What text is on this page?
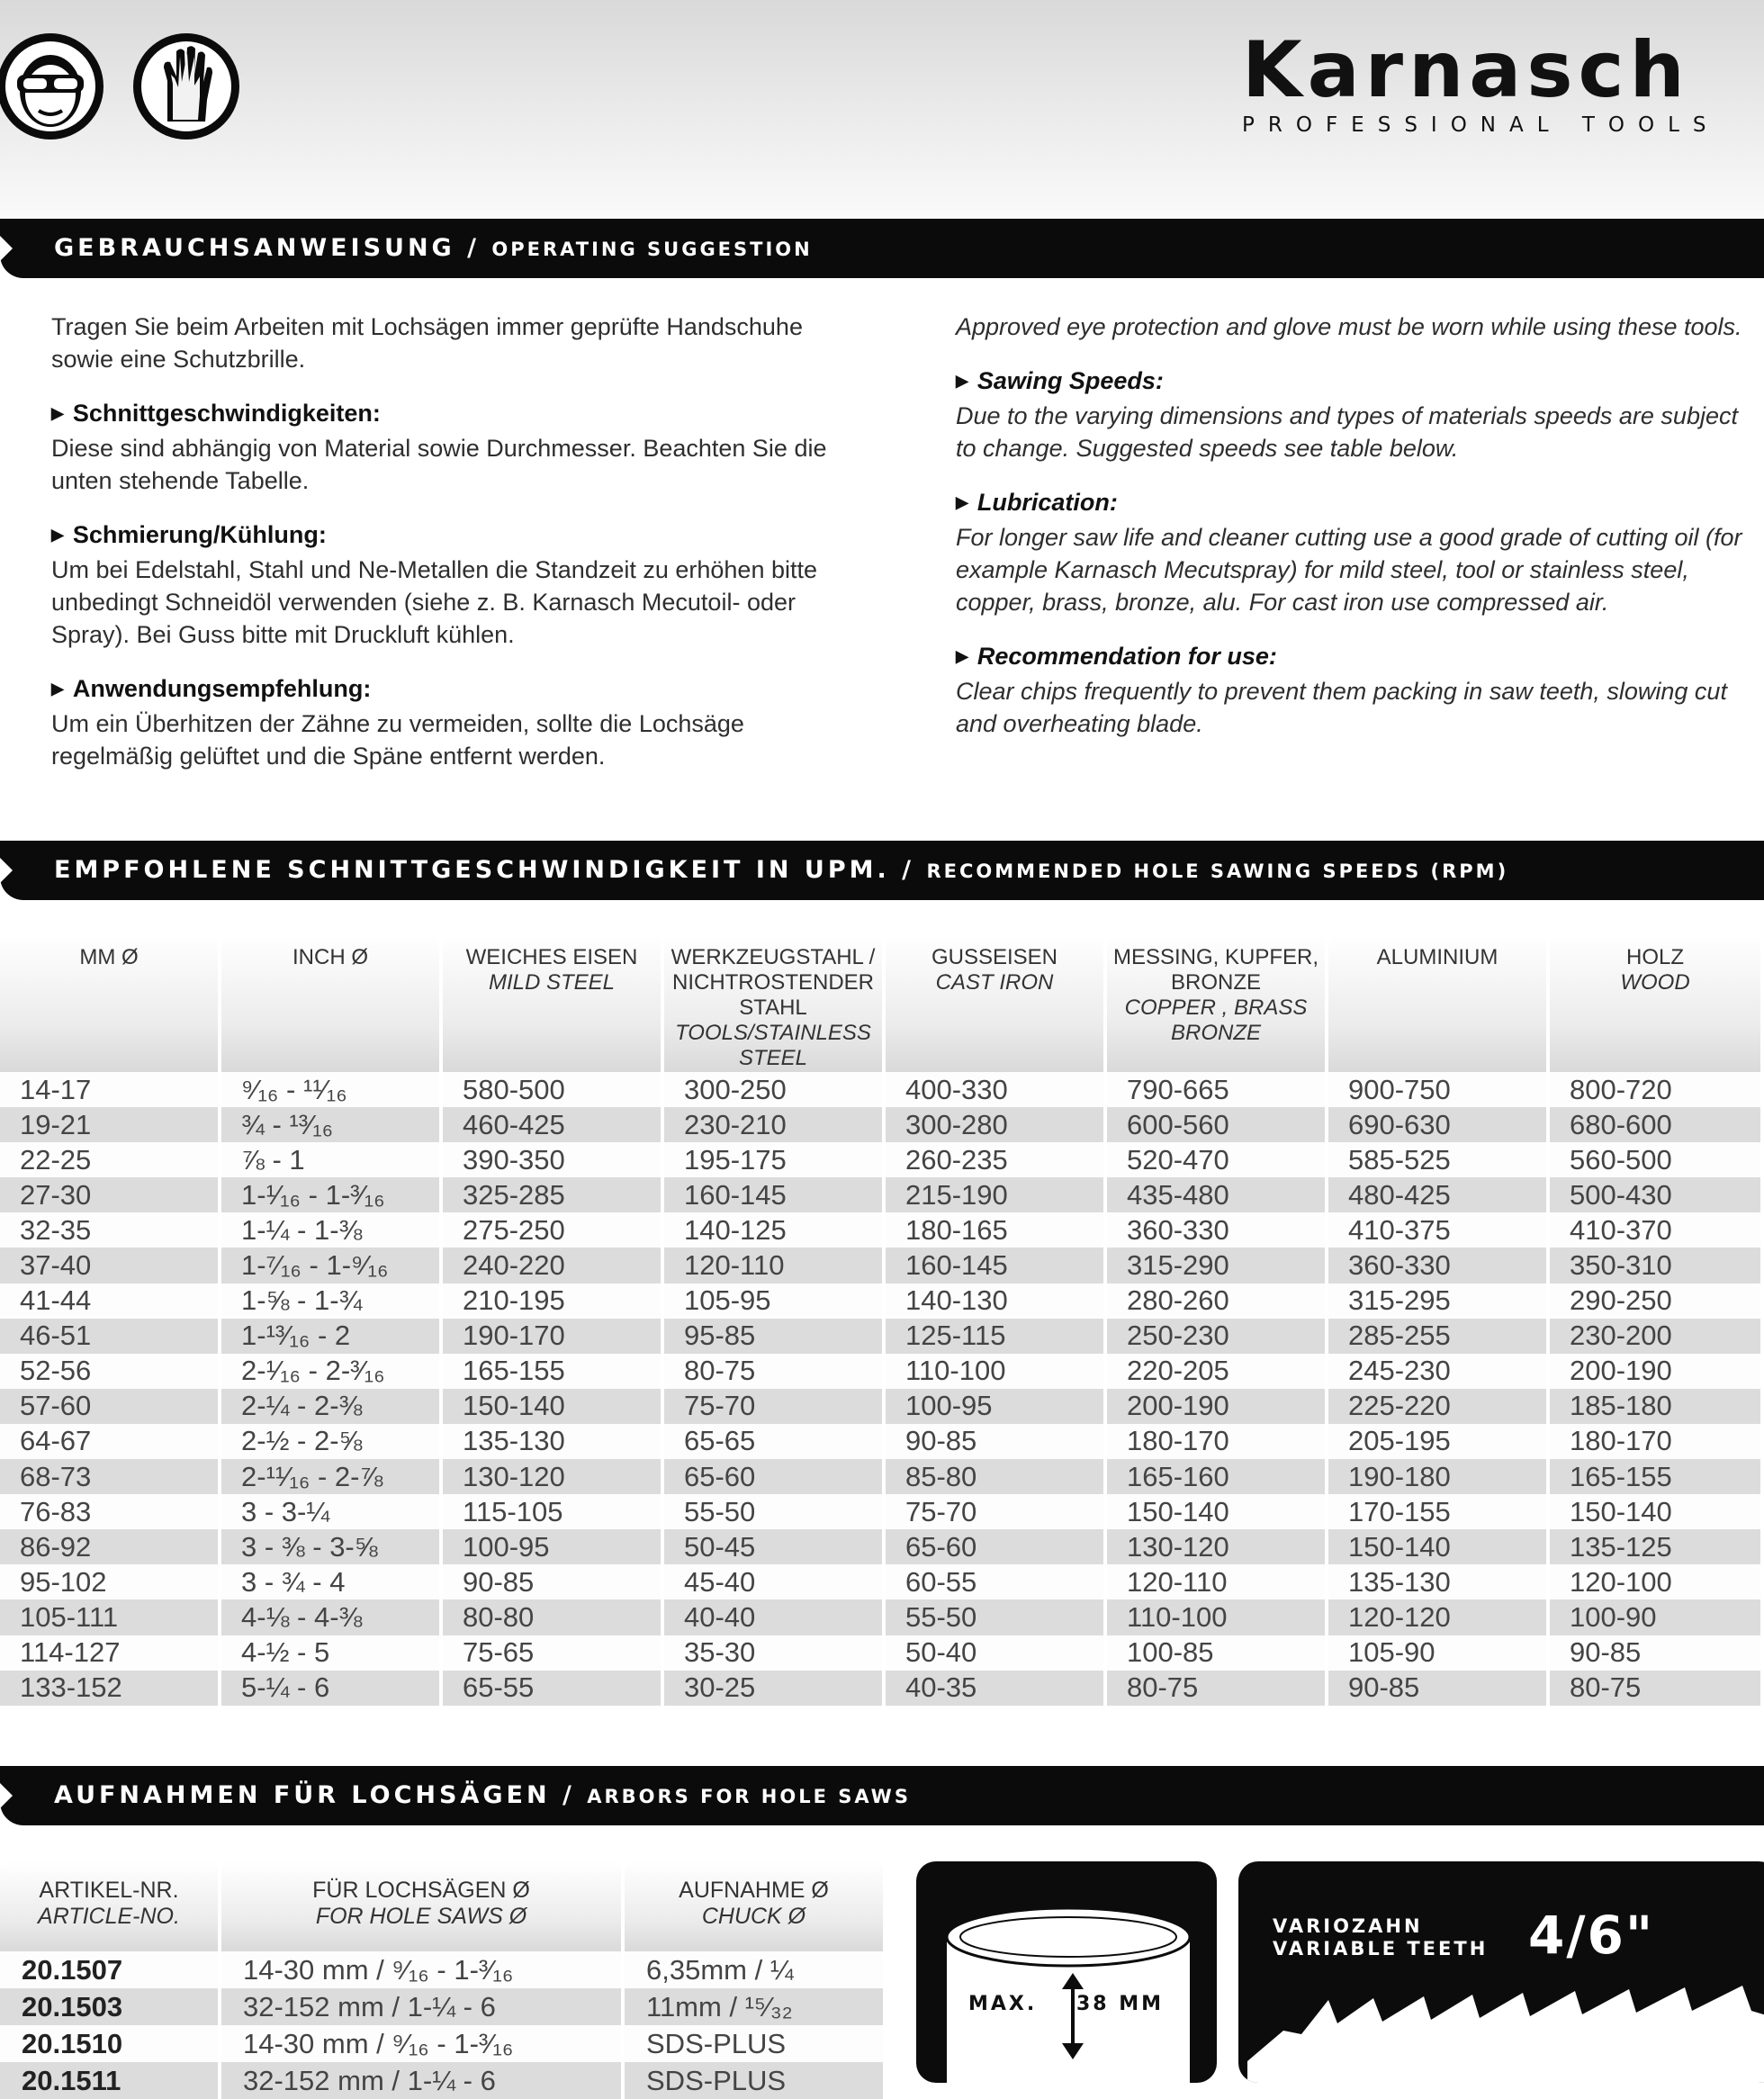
Karnasch
PROFESSIONAL TOOLS
GEBRAUCHSANWEISUNG / OPERATING SUGGESTION

Tragen Sie beim Arbeiten mit Lochsägen immer geprüfte Handschuhe sowie eine Schutzbrille.

▶ Schnittgeschwindigkeiten:
Diese sind abhängig von Material sowie Durchmesser. Beachten Sie die unten stehende Tabelle.

▶ Schmierung/Kühlung:
Um bei Edelstahl, Stahl und Ne-Metallen die Standzeit zu erhöhen bitte unbedingt Schneidöl verwenden (siehe z. B. Karnasch Mecutoil- oder Spray). Bei Guss bitte mit Druckluft kühlen.

▶ Anwendungsempfehlung:
Um ein Überhitzen der Zähne zu vermeiden, sollte die Lochsäge regelmäßig gelüftet und die Späne entfernt werden.

Approved eye protection and glove must be worn while using these tools.

▶ Sawing Speeds:
Due to the varying dimensions and types of materials speeds are subject to change. Suggested speeds see table below.

▶ Lubrication:
For longer saw life and cleaner cutting use a good grade of cutting oil (for example Karnasch Mecutspray) for mild steel, tool or stainless steel, copper, brass, bronze, alu. For cast iron use compressed air.

▶ Recommendation for use:
Clear chips frequently to prevent them packing in saw teeth, slowing cut and overheating blade.

EMPFOHLENE SCHNITTGESCHWINDIGKEIT IN UPM. / RECOMMENDED HOLE SAWING SPEEDS (RPM)
MM Ø	INCH Ø	WEICHES EISEN
MILD STEEL	WERKZEUGSTAHL / NICHTROSTENDER STAHL
TOOLS/STAINLESS STEEL	GUSSEISEN
CAST IRON	MESSING, KUPFER, BRONZE
COPPER , BRASS BRONZE	ALUMINIUM	HOLZ
WOOD

14-17	⁹⁄₁₆ - ¹¹⁄₁₆	580-500	300-250	400-330	790-665	900-750	800-720
19-21	¾ - ¹³⁄₁₆	460-425	230-210	300-280	600-560	690-630	680-600
22-25	⅞ - 1	390-350	195-175	260-235	520-470	585-525	560-500
27-30	1-¹⁄₁₆ - 1-³⁄₁₆	325-285	160-145	215-190	435-480	480-425	500-430
32-35	1-¼ - 1-⅜	275-250	140-125	180-165	360-330	410-375	410-370
37-40	1-⁷⁄₁₆ - 1-⁹⁄₁₆	240-220	120-110	160-145	315-290	360-330	350-310
41-44	1-⅝ - 1-¾	210-195	105-95	140-130	280-260	315-295	290-250
46-51	1-¹³⁄₁₆ - 2	190-170	95-85	125-115	250-230	285-255	230-200
52-56	2-¹⁄₁₆ - 2-³⁄₁₆	165-155	80-75	110-100	220-205	245-230	200-190
57-60	2-¼ - 2-⅜	150-140	75-70	100-95	200-190	225-220	185-180
64-67	2-½ - 2-⅝	135-130	65-65	90-85	180-170	205-195	180-170
68-73	2-¹¹⁄₁₆ - 2-⅞	130-120	65-60	85-80	165-160	190-180	165-155
76-83	3 - 3-¼	115-105	55-50	75-70	150-140	170-155	150-140
86-92	3 - ⅜ - 3-⅝	100-95	50-45	65-60	130-120	150-140	135-125
95-102	3 - ¾ - 4	90-85	45-40	60-55	120-110	135-130	120-100
105-111	4-⅛ - 4-⅜	80-80	40-40	55-50	110-100	120-120	100-90
114-127	4-½ - 5	75-65	35-30	50-40	100-85	105-90	90-85
133-152	5-¼ - 6	65-55	30-25	40-35	80-75	90-85	80-75
AUFNAHMEN FÜR LOCHSÄGEN / ARBORS FOR HOLE SAWS
ARTIKEL-NR.
ARTICLE-NO.	FÜR LOCHSÄGEN Ø
FOR HOLE SAWS Ø	AUFNAHME Ø
CHUCK Ø

20.1507	14-30 mm / ⁹⁄₁₆ - 1-³⁄₁₆	6,35mm / ¼
20.1503	32-152 mm / 1-¼ - 6	11mm / ¹⁵⁄₃₂
20.1510	14-30 mm / ⁹⁄₁₆ - 1-³⁄₁₆	SDS-PLUS
20.1511	32-152 mm / 1-¼ - 6	SDS-PLUS
MAX. 38 MM
VARIOZAHN
VARIABLE TEETH 4/6"
